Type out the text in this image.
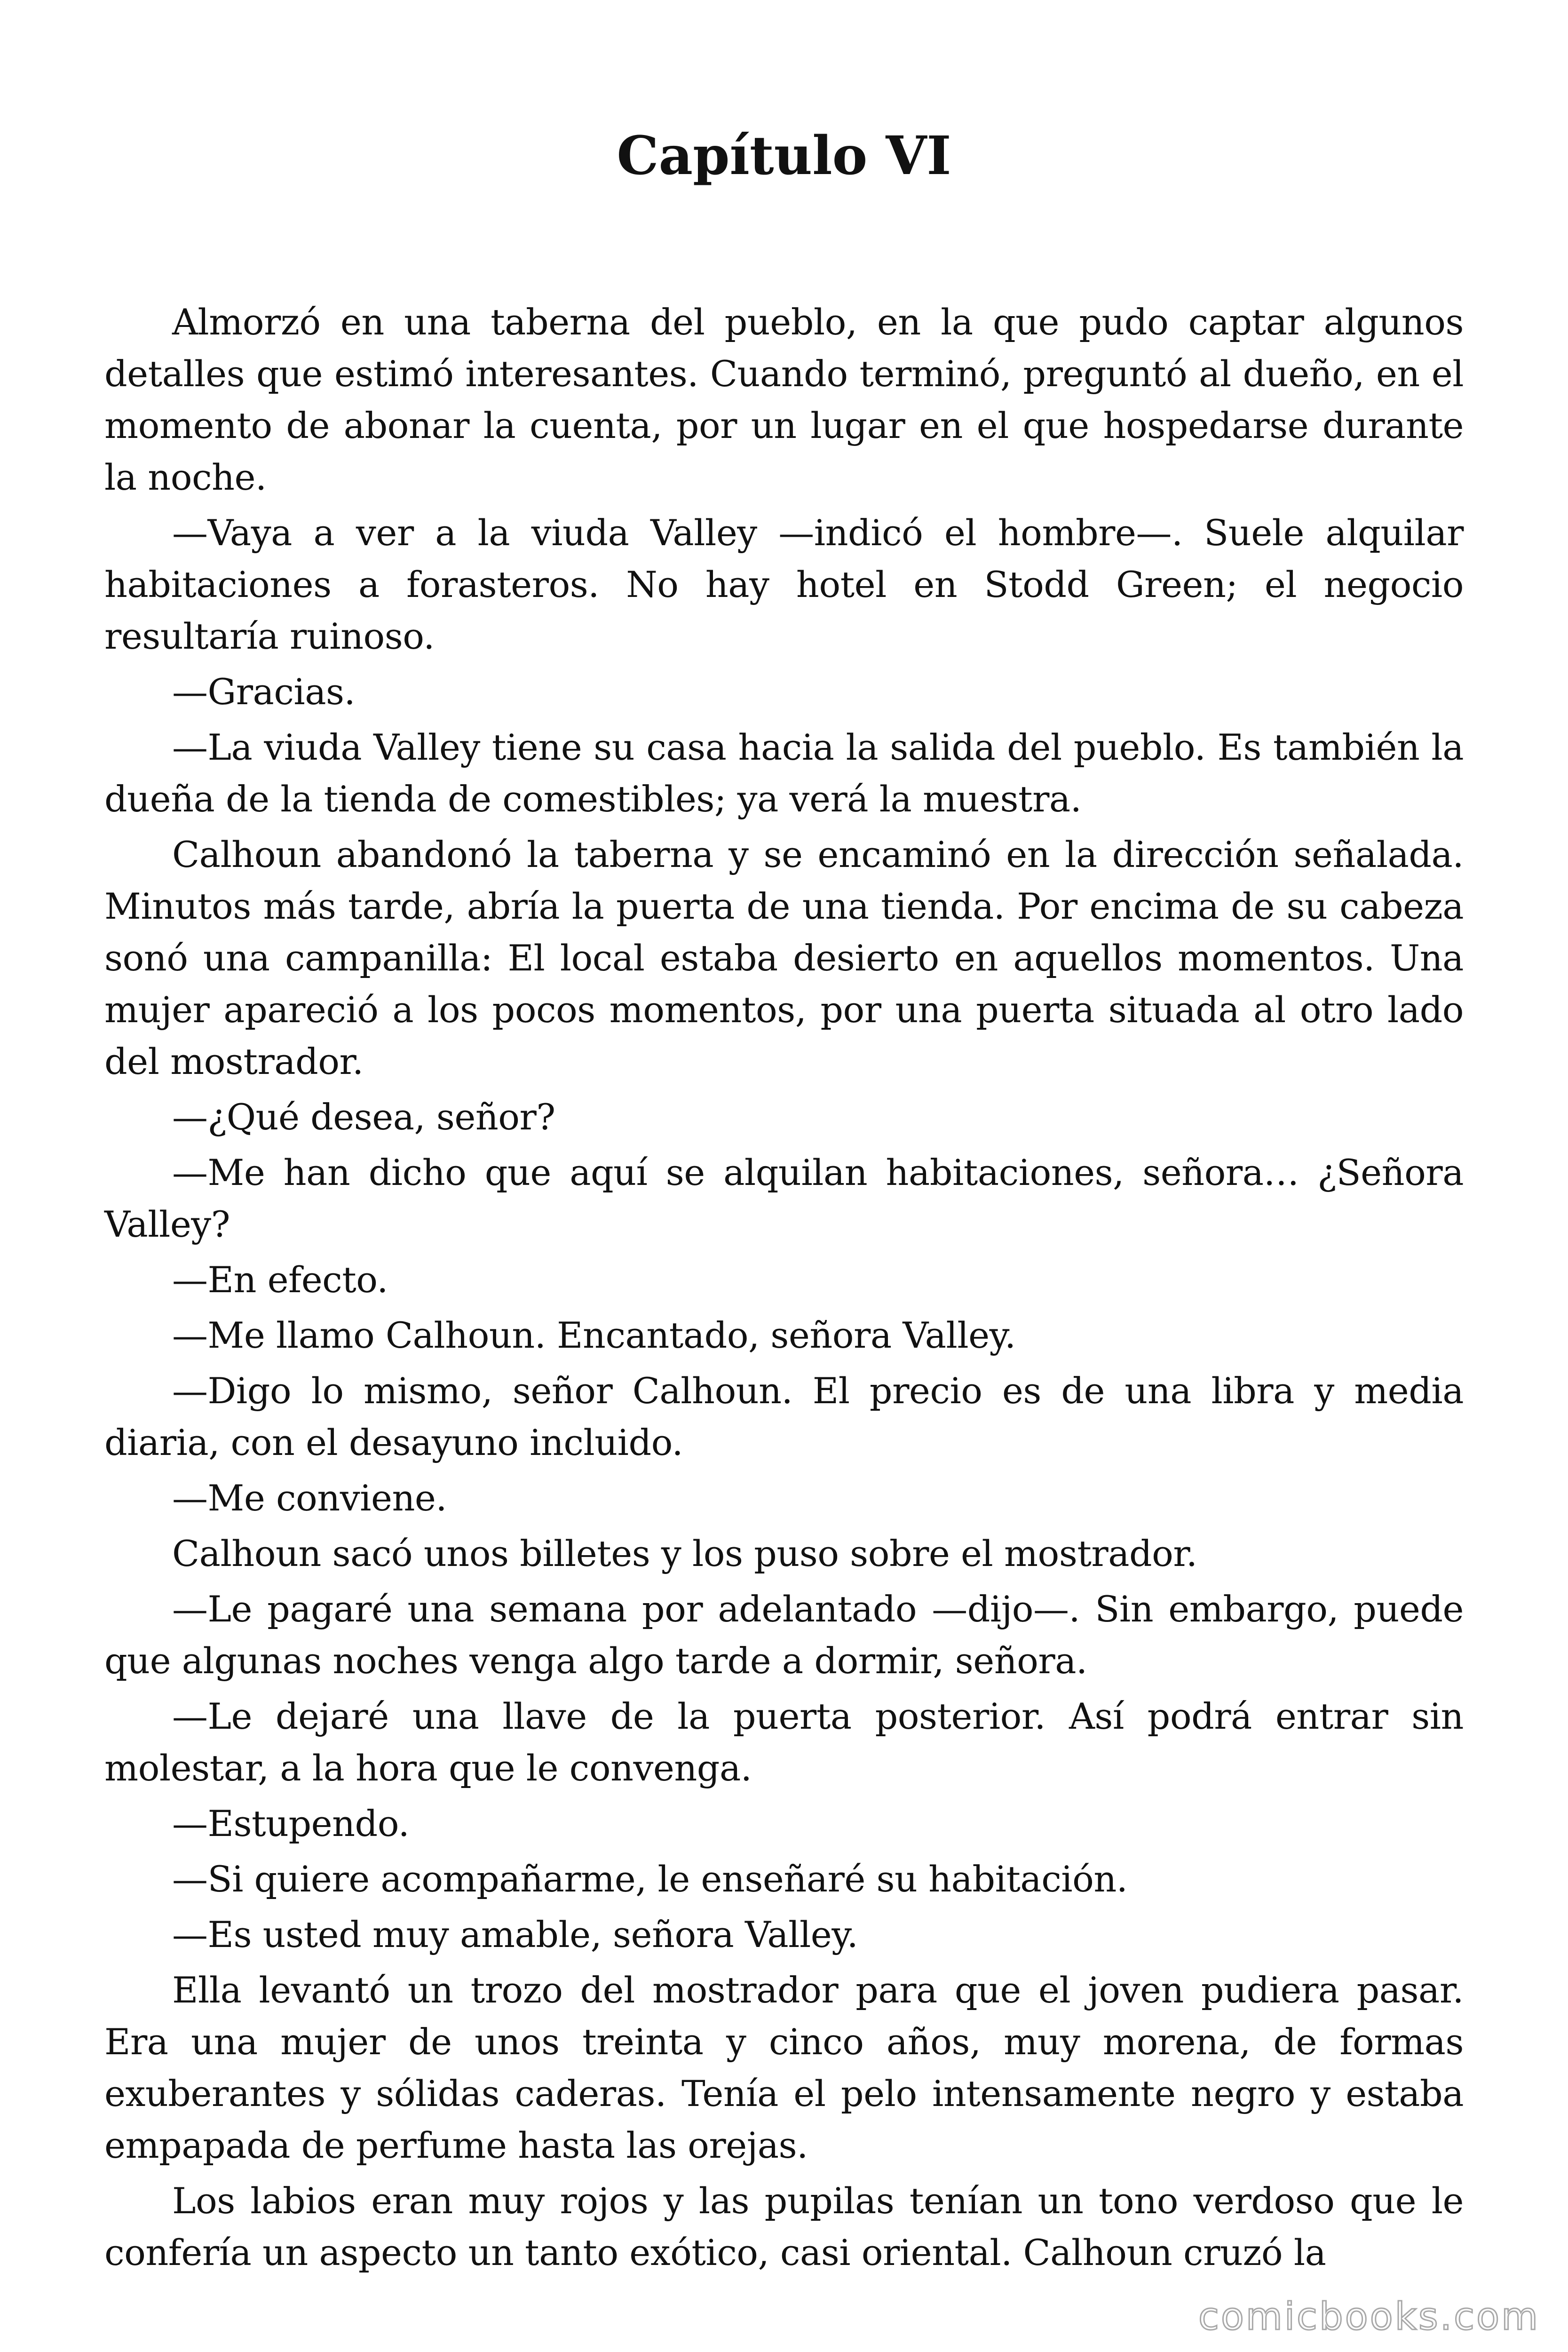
Capítulo VI

Almorzó en una taberna del pueblo, en la que pudo captar algunos detalles que estimó interesantes. Cuando terminó, preguntó al dueño, en el momento de abonar la cuenta, por un lugar en el que hospedarse durante la noche.

—Vaya a ver a la viuda Valley —indicó el hombre—. Suele alquilar habitaciones a forasteros. No hay hotel en Stodd Green; el negocio resultaría ruinoso.

—Gracias.

—La viuda Valley tiene su casa hacia la salida del pueblo. Es también la dueña de la tienda de comestibles; ya verá la muestra.

Calhoun abandonó la taberna y se encaminó en la dirección señalada. Minutos más tarde, abría la puerta de una tienda. Por encima de su cabeza sonó una campanilla: El local estaba desierto en aquellos momentos. Una mujer apareció a los pocos momentos, por una puerta situada al otro lado del mostrador.

—¿Qué desea, señor?

—Me han dicho que aquí se alquilan habitaciones, señora… ¿Señora Valley?

—En efecto.

—Me llamo Calhoun. Encantado, señora Valley.

—Digo lo mismo, señor Calhoun. El precio es de una libra y media diaria, con el desayuno incluido.

—Me conviene.

Calhoun sacó unos billetes y los puso sobre el mostrador.

—Le pagaré una semana por adelantado —dijo—. Sin embargo, puede que algunas noches venga algo tarde a dormir, señora.

—Le dejaré una llave de la puerta posterior. Así podrá entrar sin molestar, a la hora que le convenga.

—Estupendo.

—Si quiere acompañarme, le enseñaré su habitación.

—Es usted muy amable, señora Valley.

Ella levantó un trozo del mostrador para que el joven pudiera pasar. Era una mujer de unos treinta y cinco años, muy morena, de formas exuberantes y sólidas caderas. Tenía el pelo intensamente negro y estaba empapada de perfume hasta las orejas.

Los labios eran muy rojos y las pupilas tenían un tono verdoso que le confería un aspecto un tanto exótico, casi oriental. Calhoun cruzó la

comicbooks.com
